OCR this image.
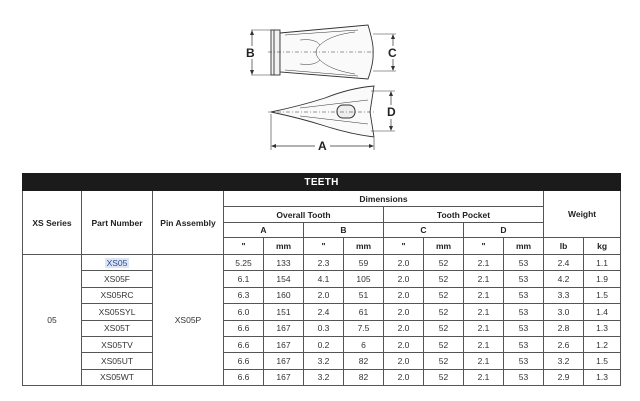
B	C
D
A
TEETH												
XS Series	Part Number	Pin Assembly	Dimensions								Weight	
			Overall Tooth				Tooth Pocket					
			A		B		C		D			
			"	mm	"	mm	"	mm	"	mm	lb	kg
05	XS05	XS05P	5.25	133	2.3	59	2.0	52	2.1	53	2.4	1.1
	XS05F		6.1	154	4.1	105	2.0	52	2.1	53	4.2	1.9
	XS05RC		6.3	160	2.0	51	2.0	52	2.1	53	3.3	1.5
	XS05SYL		6.0	151	2.4	61	2.0	52	2.1	53	3.0	1.4
	XS05T		6.6	167	0.3	7.5	2.0	52	2.1	53	2.8	1.3
	XS05TV		6.6	167	0.2	6	2.0	52	2.1	53	2.6	1.2
	XS05UT		6.6	167	3.2	82	2.0	52	2.1	53	3.2	1.5
	XS05WT		6.6	167	3.2	82	2.0	52	2.1	53	2.9	1.3
